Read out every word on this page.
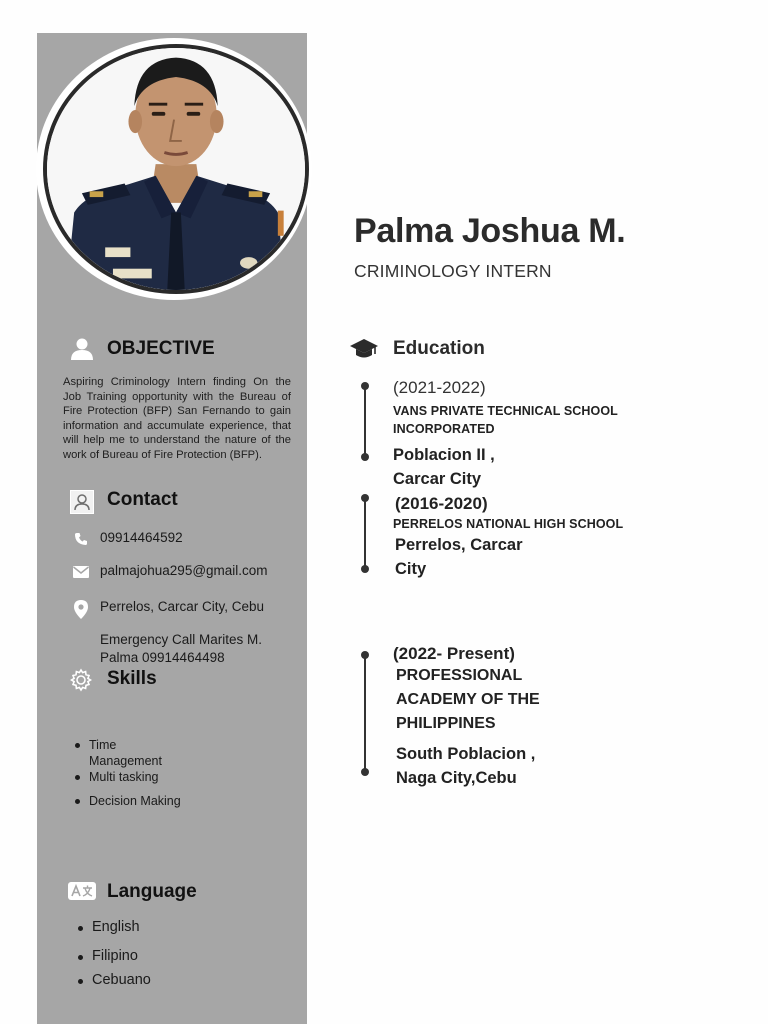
Palma Joshua M.
CRIMINOLOGY INTERN
OBJECTIVE
Aspiring Criminology Intern finding On the Job Training opportunity with the Bureau of Fire Protection (BFP) San Fernando to gain information and accumulate experience, that will help me to understand the nature of the work of Bureau of Fire Protection (BFP).
Contact
09914464592
palmajohua295@gmail.com
Perrelos, Carcar City, Cebu
Emergency Call Marites M.
Palma 09914464498
Skills
Time
Management
Multi tasking
Decision Making
Language
English
Filipino
Cebuano
Education
(2021-2022)
VANS PRIVATE TECHNICAL SCHOOL
INCORPORATED
Poblacion II ,
Carcar City
(2016-2020)
PERRELOS NATIONAL HIGH SCHOOL
Perrelos, Carcar
City
(2022- Present)
PROFESSIONAL
ACADEMY OF THE
PHILIPPINES
South Poblacion ,
Naga City,Cebu
